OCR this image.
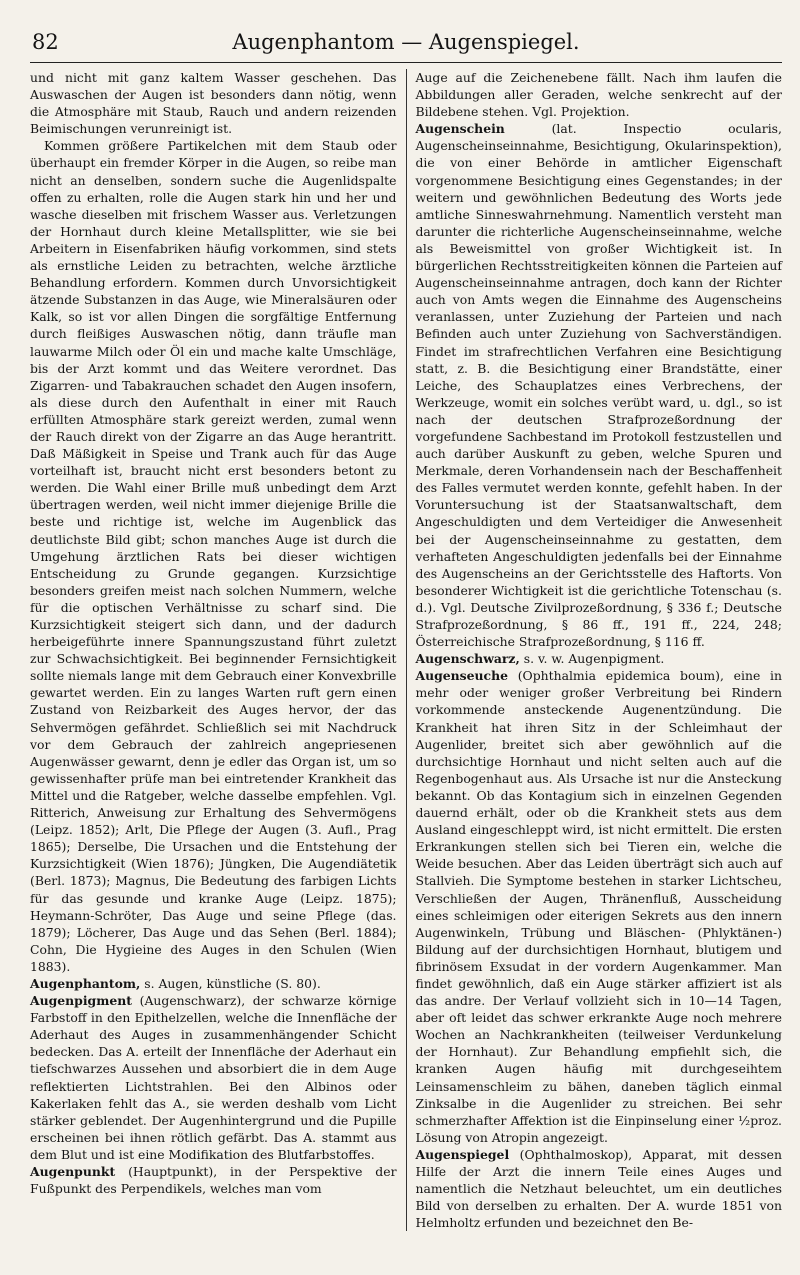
82	Augenphantom — Augenspiegel.

und nicht mit ganz kaltem Wasser geschehen. Das Auswaschen der Augen ist besonders dann nötig, wenn die Atmosphäre mit Staub, Rauch und andern reizenden Beimischungen verunreinigt ist.

Kommen größere Partikelchen mit dem Staub oder überhaupt ein fremder Körper in die Augen, so reibe man nicht an denselben, sondern suche die Augenlidspalte offen zu erhalten, rolle die Augen stark hin und her und wasche dieselben mit frischem Wasser aus. Verletzungen der Hornhaut durch kleine Metallsplitter, wie sie bei Arbeitern in Eisenfabriken häufig vorkommen, sind stets als ernstliche Leiden zu betrachten, welche ärztliche Behandlung erfordern. Kommen durch Unvorsichtigkeit ätzende Substanzen in das Auge, wie Mineralsäuren oder Kalk, so ist vor allen Dingen die sorgfältige Entfernung durch fleißiges Auswaschen nötig, dann träufle man lauwarme Milch oder Öl ein und mache kalte Umschläge, bis der Arzt kommt und das Weitere verordnet. Das Zigarren- und Tabakrauchen schadet den Augen insofern, als diese durch den Aufenthalt in einer mit Rauch erfüllten Atmosphäre stark gereizt werden, zumal wenn der Rauch direkt von der Zigarre an das Auge herantritt. Daß Mäßigkeit in Speise und Trank auch für das Auge vorteilhaft ist, braucht nicht erst besonders betont zu werden. Die Wahl einer Brille muß unbedingt dem Arzt übertragen werden, weil nicht immer diejenige Brille die beste und richtige ist, welche im Augenblick das deutlichste Bild gibt; schon manches Auge ist durch die Umgehung ärztlichen Rats bei dieser wichtigen Entscheidung zu Grunde gegangen. Kurzsichtige besonders greifen meist nach solchen Nummern, welche für die optischen Verhältnisse zu scharf sind. Die Kurzsichtigkeit steigert sich dann, und der dadurch herbeigeführte innere Spannungszustand führt zuletzt zur Schwachsichtigkeit. Bei beginnender Fernsichtigkeit sollte niemals lange mit dem Gebrauch einer Konvexbrille gewartet werden. Ein zu langes Warten ruft gern einen Zustand von Reizbarkeit des Auges hervor, der das Sehvermögen gefährdet. Schließlich sei mit Nachdruck vor dem Gebrauch der zahlreich angepriesenen Augenwässer gewarnt, denn je edler das Organ ist, um so gewissenhafter prüfe man bei eintretender Krankheit das Mittel und die Ratgeber, welche dasselbe empfehlen. Vgl. Ritterich, Anweisung zur Erhaltung des Sehvermögens (Leipz. 1852); Arlt, Die Pflege der Augen (3. Aufl., Prag 1865); Derselbe, Die Ursachen und die Entstehung der Kurzsichtigkeit (Wien 1876); Jüngken, Die Augendiätetik (Berl. 1873); Magnus, Die Bedeutung des farbigen Lichts für das gesunde und kranke Auge (Leipz. 1875); Heymann-Schröter, Das Auge und seine Pflege (das. 1879); Löcherer, Das Auge und das Sehen (Berl. 1884); Cohn, Die Hygieine des Auges in den Schulen (Wien 1883).

Augenphantom, s. Augen, künstliche (S. 80).

Augenpigment (Augenschwarz), der schwarze körnige Farbstoff in den Epithelzellen, welche die Innenfläche der Aderhaut des Auges in zusammenhängender Schicht bedecken. Das A. erteilt der Innenfläche der Aderhaut ein tiefschwarzes Aussehen und absorbiert die in dem Auge reflektierten Lichtstrahlen. Bei den Albinos oder Kakerlaken fehlt das A., sie werden deshalb vom Licht stärker geblendet. Der Augenhintergrund und die Pupille erscheinen bei ihnen rötlich gefärbt. Das A. stammt aus dem Blut und ist eine Modifikation des Blutfarbstoffes.

Augenpunkt (Hauptpunkt), in der Perspektive der Fußpunkt des Perpendikels, welches man vom

Auge auf die Zeichenebene fällt. Nach ihm laufen die Abbildungen aller Geraden, welche senkrecht auf der Bildebene stehen. Vgl. Projektion.

Augenschein (lat. Inspectio ocularis, Augenscheinseinnahme, Besichtigung, Okularinspektion), die von einer Behörde in amtlicher Eigenschaft vorgenommene Besichtigung eines Gegenstandes; in der weitern und gewöhnlichen Bedeutung des Worts jede amtliche Sinneswahrnehmung. Namentlich versteht man darunter die richterliche Augenscheinseinnahme, welche als Beweismittel von großer Wichtigkeit ist. In bürgerlichen Rechtsstreitigkeiten können die Parteien auf Augenscheinseinnahme antragen, doch kann der Richter auch von Amts wegen die Einnahme des Augenscheins veranlassen, unter Zuziehung der Parteien und nach Befinden auch unter Zuziehung von Sachverständigen. Findet im strafrechtlichen Verfahren eine Besichtigung statt, z. B. die Besichtigung einer Brandstätte, einer Leiche, des Schauplatzes eines Verbrechens, der Werkzeuge, womit ein solches verübt ward, u. dgl., so ist nach der deutschen Strafprozeßordnung der vorgefundene Sachbestand im Protokoll festzustellen und auch darüber Auskunft zu geben, welche Spuren und Merkmale, deren Vorhandensein nach der Beschaffenheit des Falles vermutet werden konnte, gefehlt haben. In der Voruntersuchung ist der Staatsanwaltschaft, dem Angeschuldigten und dem Verteidiger die Anwesenheit bei der Augenscheinseinnahme zu gestatten, dem verhafteten Angeschuldigten jedenfalls bei der Einnahme des Augenscheins an der Gerichtsstelle des Haftorts. Von besonderer Wichtigkeit ist die gerichtliche Totenschau (s. d.). Vgl. Deutsche Zivilprozeßordnung, § 336 f.; Deutsche Strafprozeßordnung, § 86 ff., 191 ff., 224, 248; Österreichische Strafprozeßordnung, § 116 ff.

Augenschwarz, s. v. w. Augenpigment.

Augenseuche (Ophthalmia epidemica boum), eine in mehr oder weniger großer Verbreitung bei Rindern vorkommende ansteckende Augenentzündung. Die Krankheit hat ihren Sitz in der Schleimhaut der Augenlider, breitet sich aber gewöhnlich auf die durchsichtige Hornhaut und nicht selten auch auf die Regenbogenhaut aus. Als Ursache ist nur die Ansteckung bekannt. Ob das Kontagium sich in einzelnen Gegenden dauernd erhält, oder ob die Krankheit stets aus dem Ausland eingeschleppt wird, ist nicht ermittelt. Die ersten Erkrankungen stellen sich bei Tieren ein, welche die Weide besuchen. Aber das Leiden überträgt sich auch auf Stallvieh. Die Symptome bestehen in starker Lichtscheu, Verschließen der Augen, Thränenfluß, Ausscheidung eines schleimigen oder eiterigen Sekrets aus den innern Augenwinkeln, Trübung und Bläschen- (Phlyktänen-) Bildung auf der durchsichtigen Hornhaut, blutigem und fibrinösem Exsudat in der vordern Augenkammer. Man findet gewöhnlich, daß ein Auge stärker affiziert ist als das andre. Der Verlauf vollzieht sich in 10—14 Tagen, aber oft leidet das schwer erkrankte Auge noch mehrere Wochen an Nachkrankheiten (teilweiser Verdunkelung der Hornhaut). Zur Behandlung empfiehlt sich, die kranken Augen häufig mit durchgeseihtem Leinsamenschleim zu bähen, daneben täglich einmal Zinksalbe in die Augenlider zu streichen. Bei sehr schmerzhafter Affektion ist die Einpinselung einer ½proz. Lösung von Atropin angezeigt.

Augenspiegel (Ophthalmoskop), Apparat, mit dessen Hilfe der Arzt die innern Teile eines Auges und namentlich die Netzhaut beleuchtet, um ein deutliches Bild von derselben zu erhalten. Der A. wurde 1851 von Helmholtz erfunden und bezeichnet den Be-
